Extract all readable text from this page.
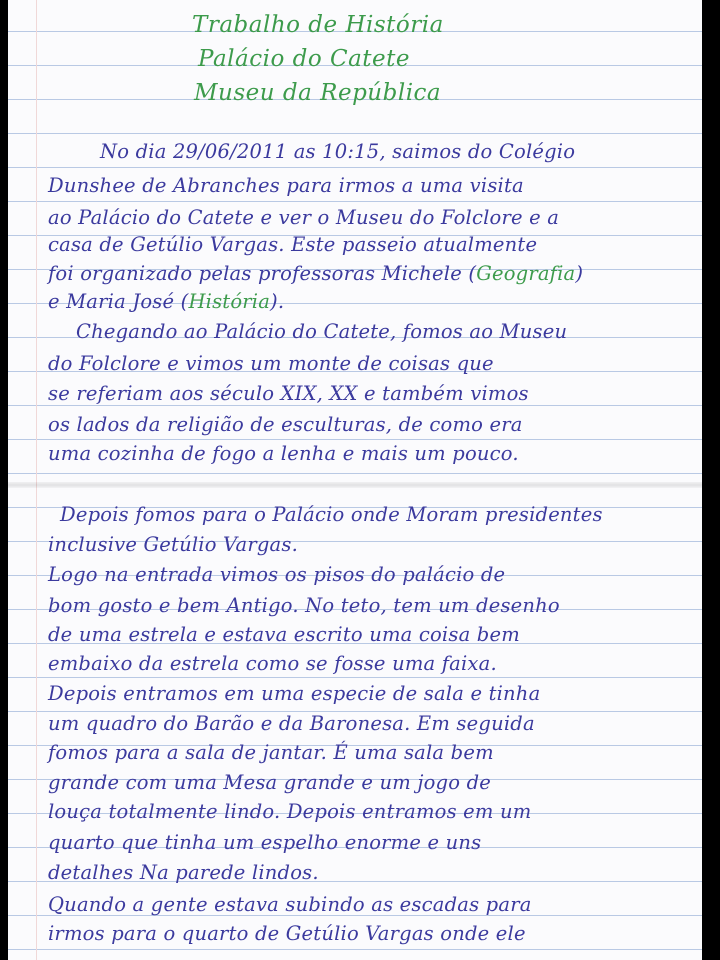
Trabalho de História
Palácio do Catete
Museu da República
No dia 29/06/2011 as 10:15, saimos do Colégio
Dunshee de Abranches para irmos a uma visita
ao Palácio do Catete e ver o Museu do Folclore e a
casa de Getúlio Vargas. Este passeio atualmente
foi organizado pelas professoras Michele (Geografia)
e Maria José (História).
Chegando ao Palácio do Catete, fomos ao Museu
do Folclore e vimos um monte de coisas que
se referiam aos século XIX, XX e também vimos
os lados da religião de esculturas, de como era
uma cozinha de fogo a lenha e mais um pouco.
Depois fomos para o Palácio onde Moram presidentes
inclusive Getúlio Vargas.
Logo na entrada vimos os pisos do palácio de
bom gosto e bem Antigo. No teto, tem um desenho
de uma estrela e estava escrito uma coisa bem
embaixo da estrela como se fosse uma faixa.
Depois entramos em uma especie de sala e tinha
um quadro do Barão e da Baronesa. Em seguida
fomos para a sala de jantar. É uma sala bem
grande com uma Mesa grande e um jogo de
louça totalmente lindo. Depois entramos em um
quarto que tinha um espelho enorme e uns
detalhes Na parede lindos.
Quando a gente estava subindo as escadas para
irmos para o quarto de Getúlio Vargas onde ele
